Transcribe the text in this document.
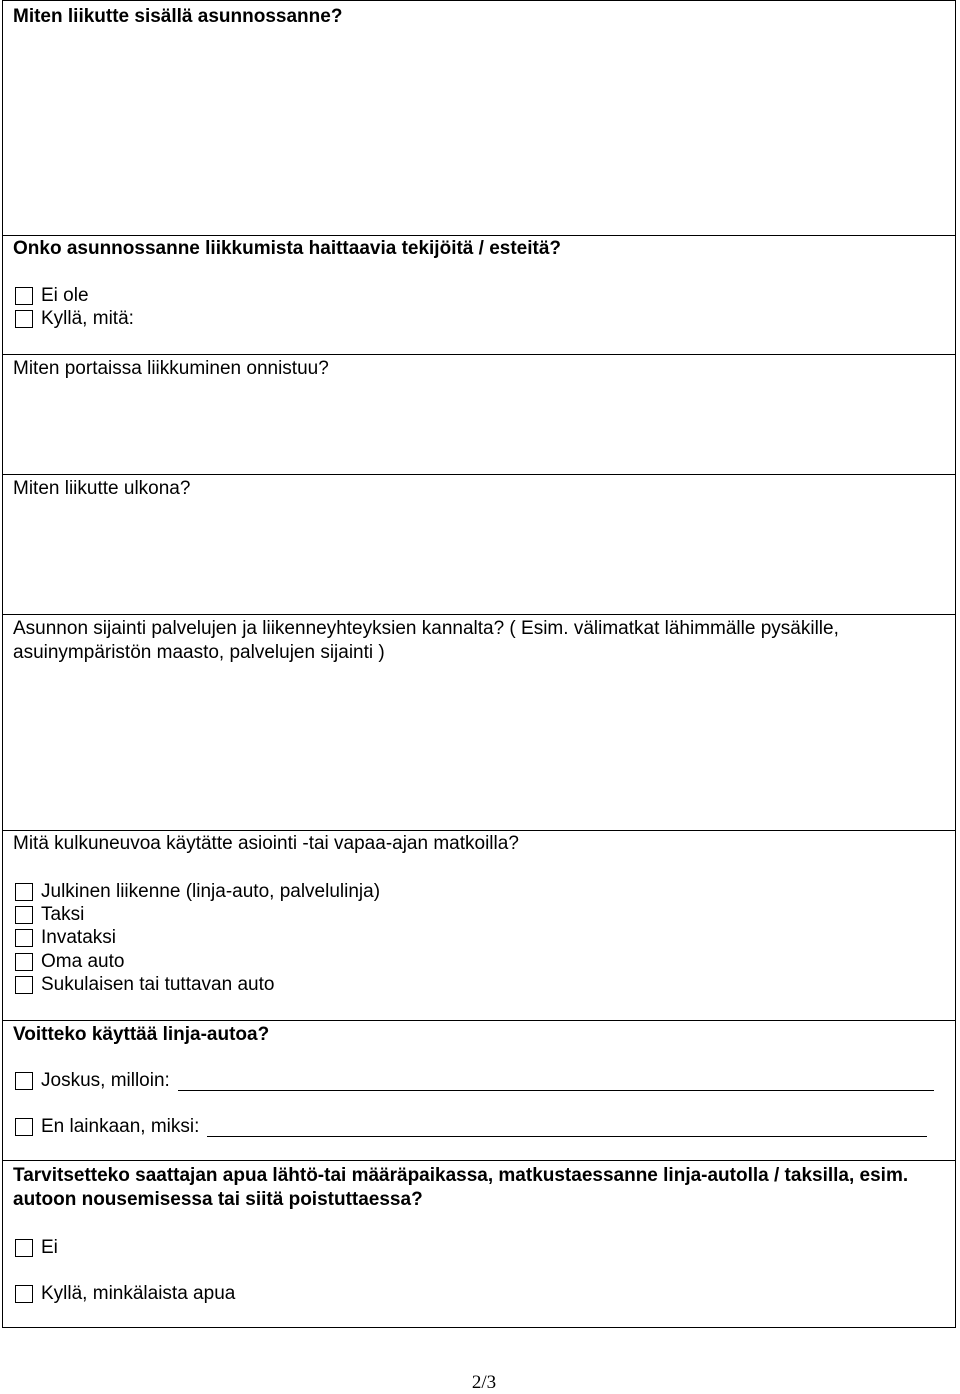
Miten liikutte sisällä asunnossanne?
Onko asunnossanne liikkumista haittaavia tekijöitä / esteitä?
Ei ole
Kyllä, mitä:
Miten portaissa liikkuminen onnistuu?
Miten liikutte ulkona?
Asunnon sijainti palvelujen ja liikenneyhteyksien kannalta? ( Esim. välimatkat lähimmälle pysäkille, asuinympäristön maasto, palvelujen sijainti )
Mitä kulkuneuvoa käytätte asiointi -tai vapaa-ajan matkoilla?
Julkinen liikenne (linja-auto, palvelulinja)
Taksi
Invataksi
Oma auto
Sukulaisen tai tuttavan auto
Voitteko käyttää linja-autoa?
Joskus, milloin:
En lainkaan, miksi:
Tarvitsetteko saattajan apua lähtö-tai määräpaikassa, matkustaessanne linja-autolla / taksilla, esim. autoon nousemisessa tai siitä poistuttaessa?
Ei
Kyllä, minkälaista apua
2/3
